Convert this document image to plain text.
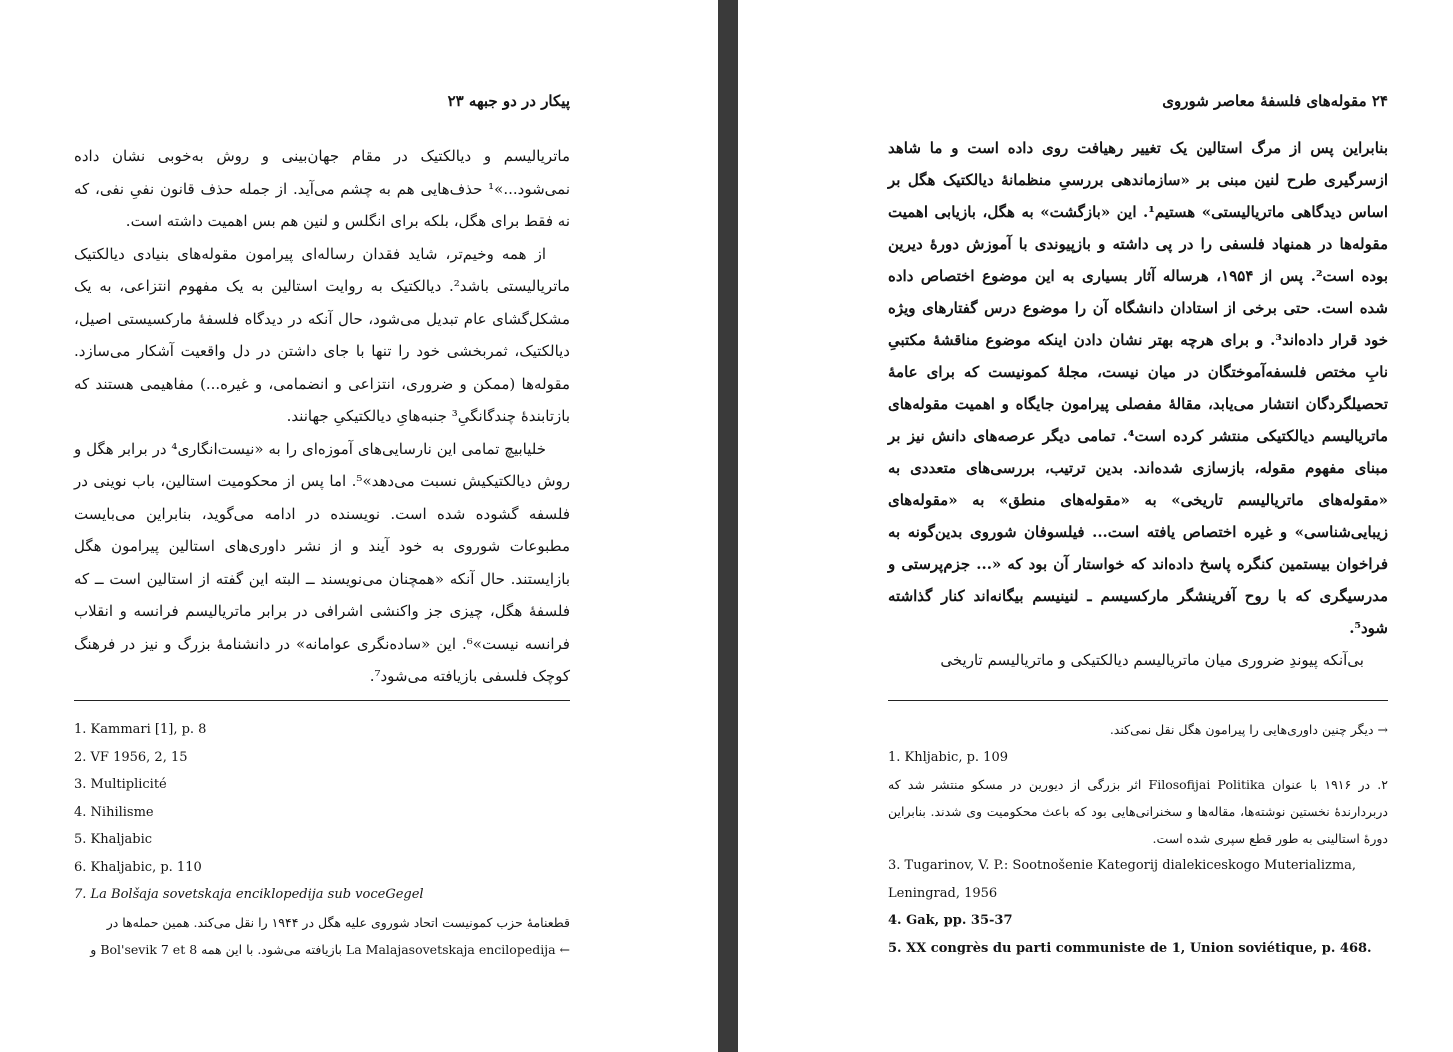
پیکار در دو جبهه ۲۳

ماتریالیسم و دیالکتیک در مقام جهان‌بینی و روش به‌خوبی نشان داده نمی‌شود...»¹ حذف‌هایی هم به چشم می‌آید. از جمله حذف قانون نفیِ نفی، که نه فقط برای هگل، بلکه برای انگلس و لنین هم بس اهمیت داشته است.

از همه وخیم‌تر، شاید فقدان رساله‌ای پیرامون مقوله‌های بنیادی دیالکتیک ماتریالیستی باشد². دیالکتیک به روایت استالین به یک مفهوم انتزاعی، به یک مشکل‌گشای عام تبدیل می‌شود، حال آنکه در دیدگاه فلسفهٔ مارکسیستی اصیل، دیالکتیک، ثمربخشی خود را تنها با جای داشتن در دل واقعیت آشکار می‌سازد. مقوله‌ها (ممکن و ضروری، انتزاعی و انضمامی، و غیره...) مفاهیمی هستند که بازتابندهٔ چندگانگیِ³ جنبه‌هایِ دیالکتیکیِ جهانند.

خلیابیچ تمامی این نارسایی‌های آموزه‌ای را به «نیست‌انگاری⁴ در برابر هگل و روش دیالکتیکیش نسبت می‌دهد»⁵. اما پس از محکومیت استالین، باب نوینی در فلسفه گشوده شده است. نویسنده در ادامه می‌گوید، بنابراین می‌بایست مطبوعات شوروی به خود آیند و از نشر داوری‌های استالین پیرامون هگل بازایستند. حال آنکه «همچنان می‌نویسند ــ البته این گفته از استالین است ــ که فلسفهٔ هگل، چیزی جز واکنشی اشرافی در برابر ماتریالیسم فرانسه و انقلاب فرانسه نیست»⁶. این «ساده‌نگری عوامانه» در دانشنامهٔ بزرگ و نیز در فرهنگ کوچک فلسفی بازیافته می‌شود⁷.

1. Kammari [1], p. 8
2. VF 1956, 2, 15
3. Multiplicité
4. Nihilisme
5. Khaljabic
6. Khaljabic, p. 110
7. La Bolšaja sovetskaja enciklopedija sub voceGegel
قطعنامهٔ حزب کمونیست اتحاد شوروی علیه هگل در ۱۹۴۴ را نقل می‌کند. همین حمله‌ها در
← La Malajasovetskaja encilopedija بازیافته می‌شود. با این همه Bol'sevik 7 et 8 و
۲۴ مقوله‌های فلسفهٔ معاصر شوروی

بنابراین پس از مرگ استالین یک تغییر رهیافت روی داده است و ما شاهد ازسرگیری طرح لنین مبنی بر «سازماندهی بررسیِ منظمانهٔ دیالکتیک هگل بر اساس دیدگاهی ماتریالیستی» هستیم¹. این «بازگشت» به هگل، بازیابی اهمیت مقوله‌ها در همنهاد فلسفی را در پی داشته و بازپیوندی با آموزش دورهٔ دیرین بوده است². پس از ۱۹۵۴، هرساله آثار بسیاری به این موضوع اختصاص داده شده است. حتی برخی از استادان دانشگاه آن را موضوع درس گفتارهای ویژه خود قرار داده‌اند³. و برای هرچه بهتر نشان دادن اینکه موضوع مناقشهٔ مکتبیِ نابِ مختص فلسفه‌آموختگان در میان نیست، مجلهٔ کمونیست که برای عامهٔ تحصیلگردگان انتشار می‌یابد، مقالهٔ مفصلی پیرامون جایگاه و اهمیت مقوله‌های ماتریالیسم دیالکتیکی منتشر کرده است⁴. تمامی دیگر عرصه‌های دانش نیز بر مبنای مفهوم مقوله، بازسازی شده‌اند. بدین ترتیب، بررسی‌های متعددی به «مقوله‌های ماتریالیسم تاریخی» به «مقوله‌های منطق» به «مقوله‌های زیبایی‌شناسی» و غیره اختصاص یافته است... فیلسوفان شوروی بدین‌گونه به فراخوان بیستمین کنگره پاسخ داده‌اند که خواستار آن بود که «... جزم‌پرستی و مدرسیگری که با روح آفرینشگر مارکسیسم ـ لنینیسم بیگانه‌اند کنار گذاشته شود⁵.

بی‌آنکه پیوندِ ضروری میان ماتریالیسم دیالکتیکی و ماتریالیسم تاریخی

→ دیگر چنین داوری‌هایی را پیرامون هگل نقل نمی‌کند.
1. Khljabic, p. 109
۲. در ۱۹۱۶ با عنوان Filosofijai Politika اثر بزرگی از دیورین در مسکو منتشر شد که دربردارندهٔ نخستین نوشته‌ها، مقاله‌ها و سخنرانی‌هایی بود که باعث محکومیت وی شدند. بنابراین دورهٔ استالینی به طور قطع سپری شده است.
3. Tugarinov, V. P.: Sootnošenie Kategorij dialekiceskogo Muterializma, Leningrad, 1956
4. Gak, pp. 35-37
5. XX congrès du parti communiste de 1, Union soviétique, p. 468.
